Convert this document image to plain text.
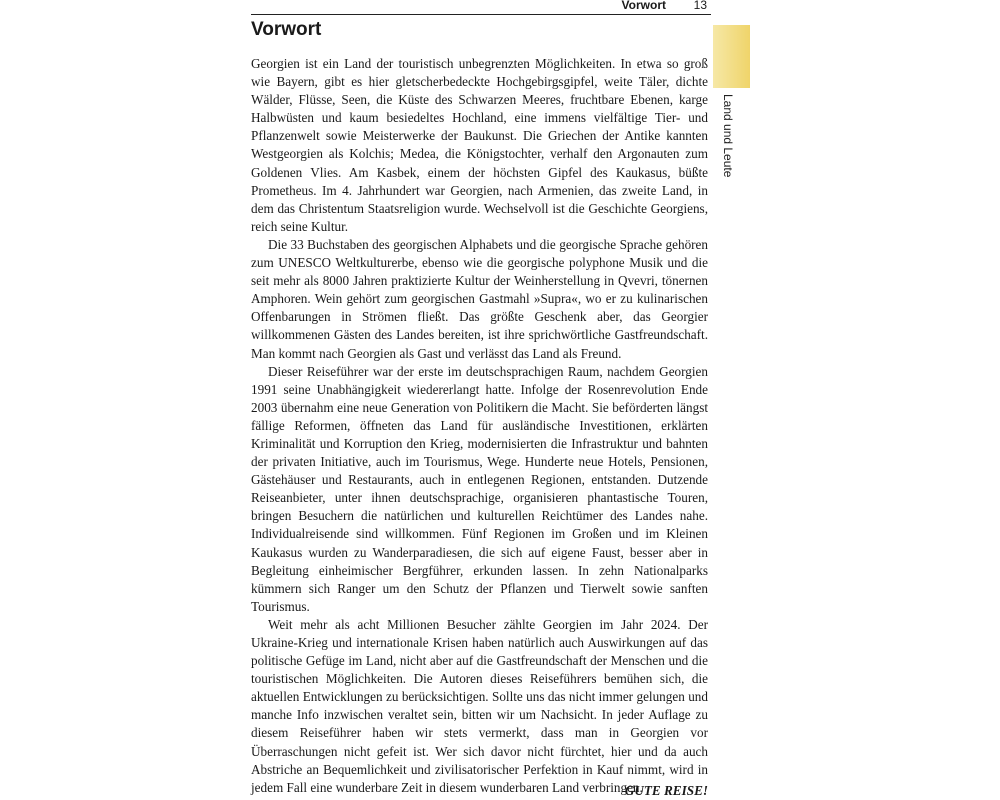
Vorwort 13
Vorwort

Georgien ist ein Land der touristisch unbegrenzten Möglichkeiten. In etwa so groß wie Bayern, gibt es hier gletscherbedeckte Hochgebirgsgipfel, weite Täler, dichte Wälder, Flüsse, Seen, die Küste des Schwarzen Meeres, fruchtbare Ebenen, karge Halbwüsten und kaum besiedeltes Hochland, eine immens vielfältige Tier- und Pflanzenwelt sowie Meisterwerke der Baukunst. Die Griechen der Antike kannten Westgeorgien als Kolchis; Medea, die Königstochter, verhalf den Argonauten zum Goldenen Vlies. Am Kasbek, einem der höchsten Gipfel des Kaukasus, büßte Prometheus. Im 4. Jahrhundert war Georgien, nach Armenien, das zweite Land, in dem das Christentum Staatsreligion wurde. Wechselvoll ist die Geschichte Georgiens, reich seine Kultur.

Die 33 Buchstaben des georgischen Alphabets und die georgische Sprache gehören zum UNESCO Weltkulturerbe, ebenso wie die georgische polyphone Musik und die seit mehr als 8000 Jahren praktizierte Kultur der Weinherstellung in Qvevri, tönernen Amphoren. Wein gehört zum georgischen Gastmahl »Supra«, wo er zu kulinarischen Offenbarungen in Strömen fließt. Das größte Geschenk aber, das Georgier willkommenen Gästen des Landes bereiten, ist ihre sprichwörtliche Gastfreundschaft. Man kommt nach Georgien als Gast und verlässt das Land als Freund.

Dieser Reiseführer war der erste im deutschsprachigen Raum, nachdem Georgien 1991 seine Unabhängigkeit wiedererlangt hatte. Infolge der Rosenrevolution Ende 2003 übernahm eine neue Generation von Politikern die Macht. Sie beförderten längst fällige Reformen, öffneten das Land für ausländische Investitionen, erklärten Kriminalität und Korruption den Krieg, modernisierten die Infrastruktur und bahnten der privaten Initiative, auch im Tourismus, Wege. Hunderte neue Hotels, Pensionen, Gästehäuser und Restaurants, auch in entlegenen Regionen, entstanden. Dutzende Reiseanbieter, unter ihnen deutschsprachige, organisieren phantastische Touren, bringen Besuchern die natürlichen und kulturellen Reichtümer des Landes nahe. Individualreisende sind willkommen. Fünf Regionen im Großen und im Kleinen Kaukasus wurden zu Wanderparadiesen, die sich auf eigene Faust, besser aber in Begleitung einheimischer Bergführer, erkunden lassen. In zehn Nationalparks kümmern sich Ranger um den Schutz der Pflanzen und Tierwelt sowie sanften Tourismus.

Weit mehr als acht Millionen Besucher zählte Georgien im Jahr 2024. Der Ukraine-Krieg und internationale Krisen haben natürlich auch Auswirkungen auf das politische Gefüge im Land, nicht aber auf die Gastfreundschaft der Menschen und die touristischen Möglichkeiten. Die Autoren dieses Reiseführers bemühen sich, die aktuellen Entwicklungen zu berücksichtigen. Sollte uns das nicht immer gelungen und manche Info inzwischen veraltet sein, bitten wir um Nachsicht. In jeder Auflage zu diesem Reiseführer haben wir stets vermerkt, dass man in Georgien vor Überraschungen nicht gefeit ist. Wer sich davor nicht fürchtet, hier und da auch Abstriche an Bequemlichkeit und zivilisatorischer Perfektion in Kauf nimmt, wird in jedem Fall eine wunderbare Zeit in diesem wunderbaren Land verbringen.

GUTE REISE!
Land und Leute
